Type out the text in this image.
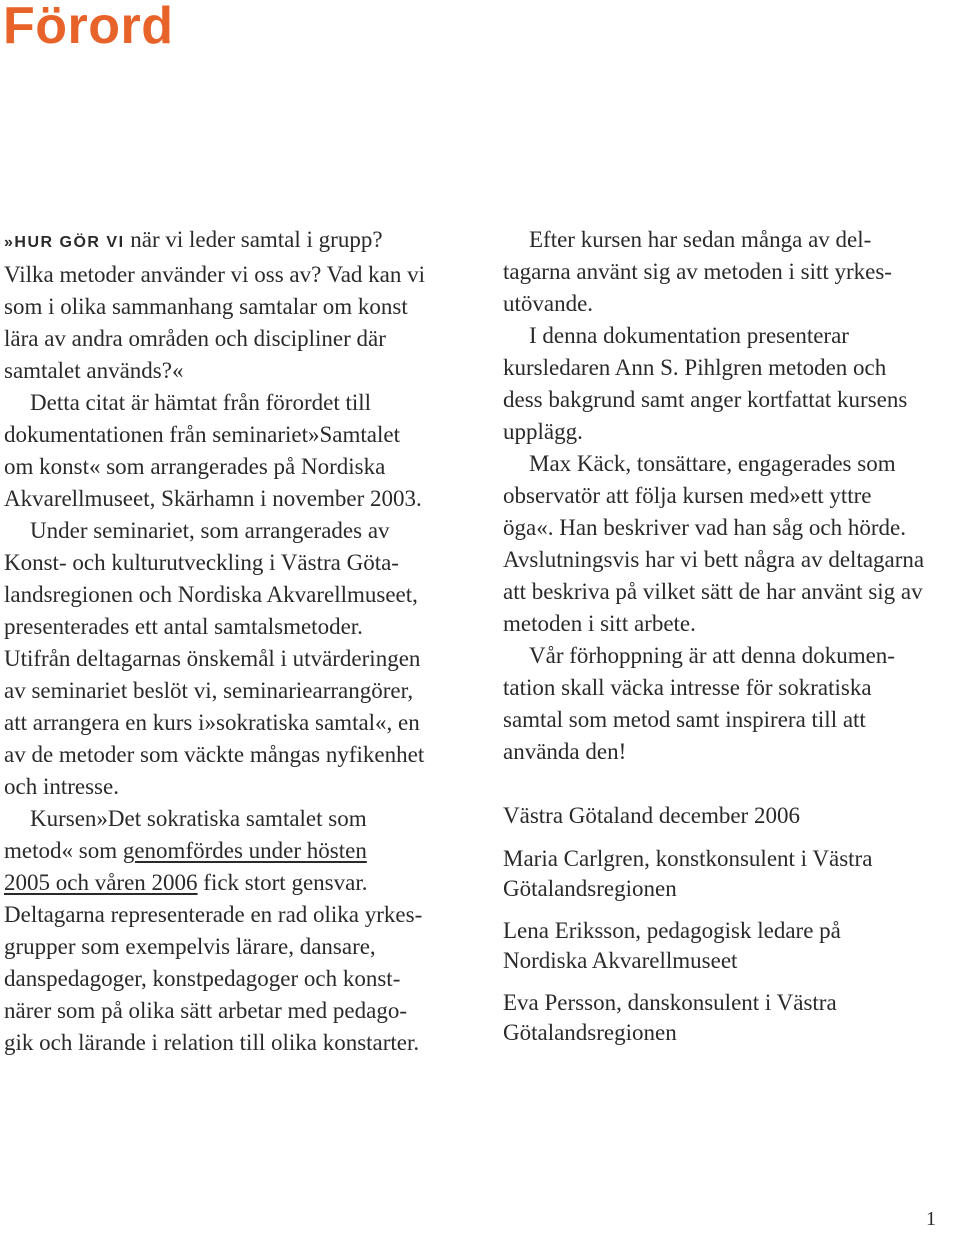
Förord

»HUR GÖR VI när vi leder samtal i grupp?
Vilka metoder använder vi oss av? Vad kan vi
som i olika sammanhang samtalar om konst
lära av andra områden och discipliner där
samtalet används?«

Detta citat är hämtat från förordet till
dokumentationen från seminariet»Samtalet
om konst« som arrangerades på Nordiska
Akvarellmuseet, Skärhamn i november 2003.

Under seminariet, som arrangerades av
Konst- och kulturutveckling i Västra Göta-
landsregionen och Nordiska Akvarellmuseet,
presenterades ett antal samtalsmetoder.
Utifrån deltagarnas önskemål i utvärderingen
av seminariet beslöt vi, seminariearrangörer,
att arrangera en kurs i»sokratiska samtal«, en
av de metoder som väckte mångas nyfikenhet
och intresse.

Kursen»Det sokratiska samtalet som
metod« som genomfördes under hösten
2005 och våren 2006 fick stort gensvar.
Deltagarna representerade en rad olika yrkes-
grupper som exempelvis lärare, dansare,
danspedagoger, konstpedagoger och konst-
närer som på olika sätt arbetar med pedago-
gik och lärande i relation till olika konstarter.

Efter kursen har sedan många av del-
tagarna använt sig av metoden i sitt yrkes-
utövande.

I denna dokumentation presenterar
kursledaren Ann S. Pihlgren metoden och
dess bakgrund samt anger kortfattat kursens
upplägg.

Max Käck, tonsättare, engagerades som
observatör att följa kursen med»ett yttre
öga«. Han beskriver vad han såg och hörde.
Avslutningsvis har vi bett några av deltagarna
att beskriva på vilket sätt de har använt sig av
metoden i sitt arbete.

Vår förhoppning är att denna dokumen-
tation skall väcka intresse för sokratiska
samtal som metod samt inspirera till att
använda den!

Västra Götaland december 2006

Maria Carlgren, konstkonsulent i Västra
Götalandsregionen

Lena Eriksson, pedagogisk ledare på
Nordiska Akvarellmuseet

Eva Persson, danskonsulent i Västra
Götalandsregionen

1
